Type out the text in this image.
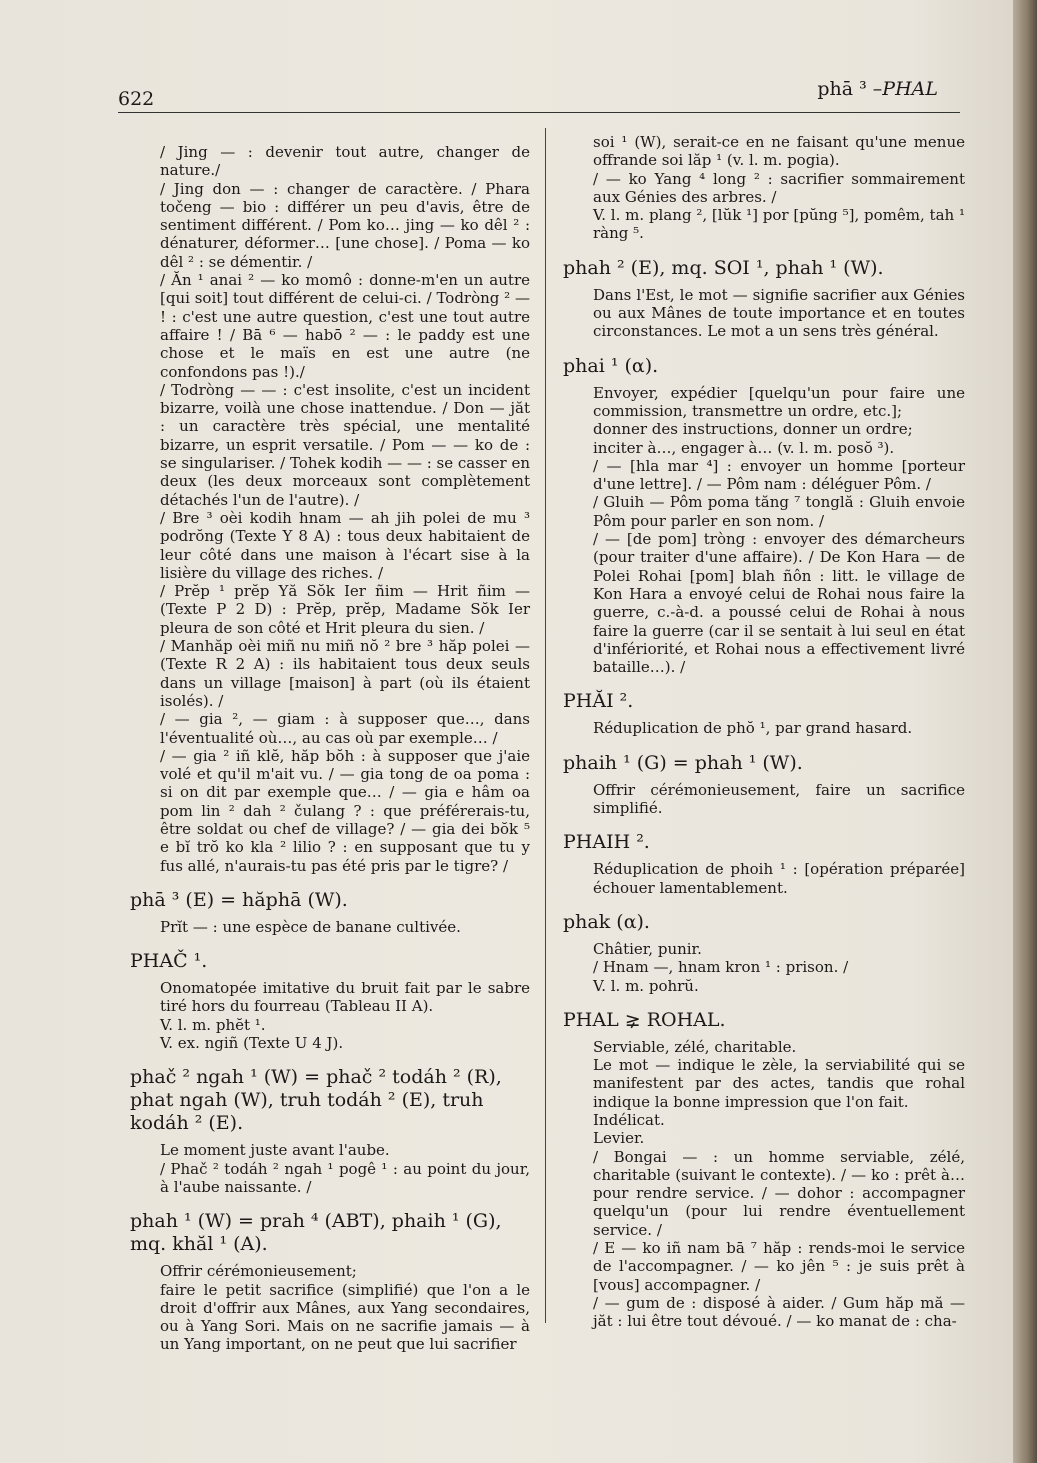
622	phā ³ –PHAL

/ Jing — : devenir tout autre, changer de nature./

/ Jing don — : changer de caractère. / Phara točeng — bio : différer un peu d'avis, être de sentiment différent. / Pom ko… jing — ko dêl ² : dénaturer, déformer… [une chose]. / Poma — ko dêl ² : se démentir. /

/ Ăn ¹ anai ² — ko momô : donne-m'en un autre [qui soit] tout différent de celui-ci. / Todròng ² — ! : c'est une autre question, c'est une tout autre affaire ! / Bā ⁶ — habō ² — : le paddy est une chose et le maïs en est une autre (ne confondons pas !)./

/ Todròng — — : c'est insolite, c'est un incident bizarre, voilà une chose inattendue. / Don — jăt : un caractère très spécial, une mentalité bizarre, un esprit versatile. / Pom — — ko de : se singulariser. / Tohek kodih — — : se casser en deux (les deux morceaux sont complètement détachés l'un de l'autre). /

/ Bre ³ oèi kodih hnam — ah jih polei de mu ³ podrŏng (Texte Y 8 A) : tous deux habitaient de leur côté dans une maison à l'écart sise à la lisière du village des riches. /

/ Prĕp ¹ prĕp Yă Sŏk Ier ñim — Hrit ñim — (Texte P 2 D) : Prĕp, prĕp, Madame Sŏk Ier pleura de son côté et Hrit pleura du sien. /

/ Manhăp oèi miñ nu miñ nŏ ² bre ³ hăp polei — (Texte R 2 A) : ils habitaient tous deux seuls dans un village [maison] à part (où ils étaient isolés). /

/ — gia ², — giam : à supposer que…, dans l'éventualité où…, au cas où par exemple… /

/ — gia ² iñ klĕ, hăp bŏh : à supposer que j'aie volé et qu'il m'ait vu. / — gia tong de oa poma : si on dit par exemple que… / — gia e hâm oa pom lin ² dah ² čulang ? : que préférerais-tu, être soldat ou chef de village? / — gia dei bŏk ⁵ e bĭ trŏ ko kla ² lilio ? : en supposant que tu y fus allé, n'aurais-tu pas été pris par le tigre? /

phā ³ (E) = hăphā (W).

Prĭt — : une espèce de banane cultivée.

PHAČ ¹.

Onomatopée imitative du bruit fait par le sabre tiré hors du fourreau (Tableau II A).

V. l. m. phĕt ¹.

V. ex. ngiñ (Texte U 4 J).

phač ² ngah ¹ (W) = phač ² todáh ² (R), phat ngah (W), truh todáh ² (E), truh kodáh ² (E).

Le moment juste avant l'aube.

/ Phač ² todáh ² ngah ¹ pogê ¹ : au point du jour, à l'aube naissante. /

phah ¹ (W) = prah ⁴ (ABT), phaih ¹ (G), mq. khăl ¹ (A).

Offrir cérémonieusement;

faire le petit sacrifice (simplifié) que l'on a le droit d'offrir aux Mânes, aux Yang secondaires, ou à Yang Sori. Mais on ne sacrifie jamais — à un Yang important, on ne peut que lui sacrifier

soi ¹ (W), serait-ce en ne faisant qu'une menue offrande soi lăp ¹ (v. l. m. pogia).

/ — ko Yang ⁴ long ² : sacrifier sommairement aux Génies des arbres. /

V. l. m. plang ², [lŭk ¹] por [pŭng ⁵], pomêm, tah ¹ ràng ⁵.

phah ² (E), mq. SOI ¹, phah ¹ (W).

Dans l'Est, le mot — signifie sacrifier aux Génies ou aux Mânes de toute importance et en toutes circonstances. Le mot a un sens très général.

phai ¹ (α).

Envoyer, expédier [quelqu'un pour faire une commission, transmettre un ordre, etc.];

donner des instructions, donner un ordre;

inciter à…, engager à… (v. l. m. posŏ ³).

/ — [hla mar ⁴] : envoyer un homme [porteur d'une lettre]. / — Pôm nam : déléguer Pôm. /

/ Gluih — Pôm poma tăng ⁷ tonglă : Gluih envoie Pôm pour parler en son nom. /

/ — [de pom] tròng : envoyer des démarcheurs (pour traiter d'une affaire). / De Kon Hara — de Polei Rohai [pom] blah ñôn : litt. le village de Kon Hara a envoyé celui de Rohai nous faire la guerre, c.-à-d. a poussé celui de Rohai à nous faire la guerre (car il se sentait à lui seul en état d'infériorité, et Rohai nous a effectivement livré bataille…). /

PHĂI ².

Réduplication de phŏ ¹, par grand hasard.

phaih ¹ (G) = phah ¹ (W).

Offrir cérémonieusement, faire un sacrifice simplifié.

PHAIH ².

Réduplication de phoih ¹ : [opération préparée] échouer lamentablement.

phak (α).

Châtier, punir.

/ Hnam —, hnam kron ¹ : prison. /

V. l. m. pohrŭ.

PHAL ⪈ ROHAL.

Serviable, zélé, charitable.

Le mot — indique le zèle, la serviabilité qui se manifestent par des actes, tandis que rohal indique la bonne impression que l'on fait.

Indélicat.

Levier.

/ Bongai — : un homme serviable, zélé, charitable (suivant le contexte). / — ko : prêt à… pour rendre service. / — dohor : accompagner quelqu'un (pour lui rendre éventuellement service. /

/ E — ko iñ nam bā ⁷ hăp : rends-moi le service de l'accompagner. / — ko jên ⁵ : je suis prêt à [vous] accompagner. /

/ — gum de : disposé à aider. / Gum hăp mă — jăt : lui être tout dévoué. / — ko manat de : cha-
